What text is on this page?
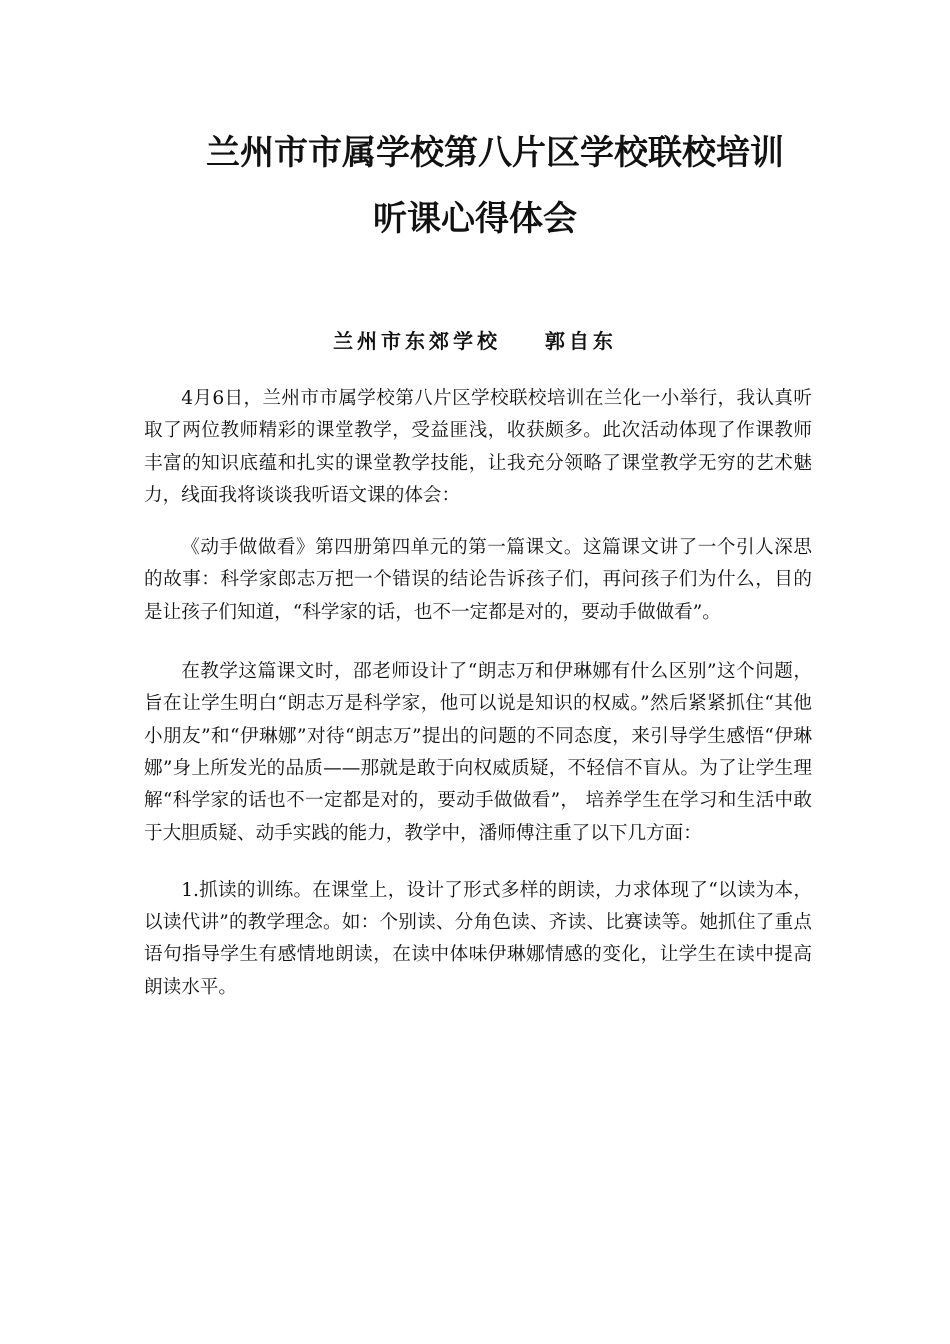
兰州市市属学校第八片区学校联校培训
听课心得体会
兰州市东郊学校    郭自东

4月6日，兰州市市属学校第八片区学校联校培训在兰化一小举行，我认真听取了两位教师精彩的课堂教学，受益匪浅，收获颇多。此次活动体现了作课教师丰富的知识底蕴和扎实的课堂教学技能，让我充分领略了课堂教学无穷的艺术魅力，线面我将谈谈我听语文课的体会：

《动手做做看》第四册第四单元的第一篇课文。这篇课文讲了一个引人深思的故事：科学家郎志万把一个错误的结论告诉孩子们，再问孩子们为什么，目的是让孩子们知道，“科学家的话，也不一定都是对的，要动手做做看”。

在教学这篇课文时，邵老师设计了“朗志万和伊琳娜有什么区别”这个问题，旨在让学生明白“朗志万是科学家，他可以说是知识的权威。”然后紧紧抓住“其他小朋友”和“伊琳娜”对待“朗志万”提出的问题的不同态度，来引导学生感悟“伊琳娜”身上所发光的品质——那就是敢于向权威质疑，不轻信不盲从。为了让学生理解“科学家的话也不一定都是对的，要动手做做看”， 培养学生在学习和生活中敢于大胆质疑、动手实践的能力，教学中，潘师傅注重了以下几方面：

1.抓读的训练。在课堂上，设计了形式多样的朗读，力求体现了“以读为本，以读代讲”的教学理念。如：个别读、分角色读、齐读、比赛读等。她抓住了重点语句指导学生有感情地朗读，在读中体味伊琳娜情感的变化，让学生在读中提高朗读水平。
